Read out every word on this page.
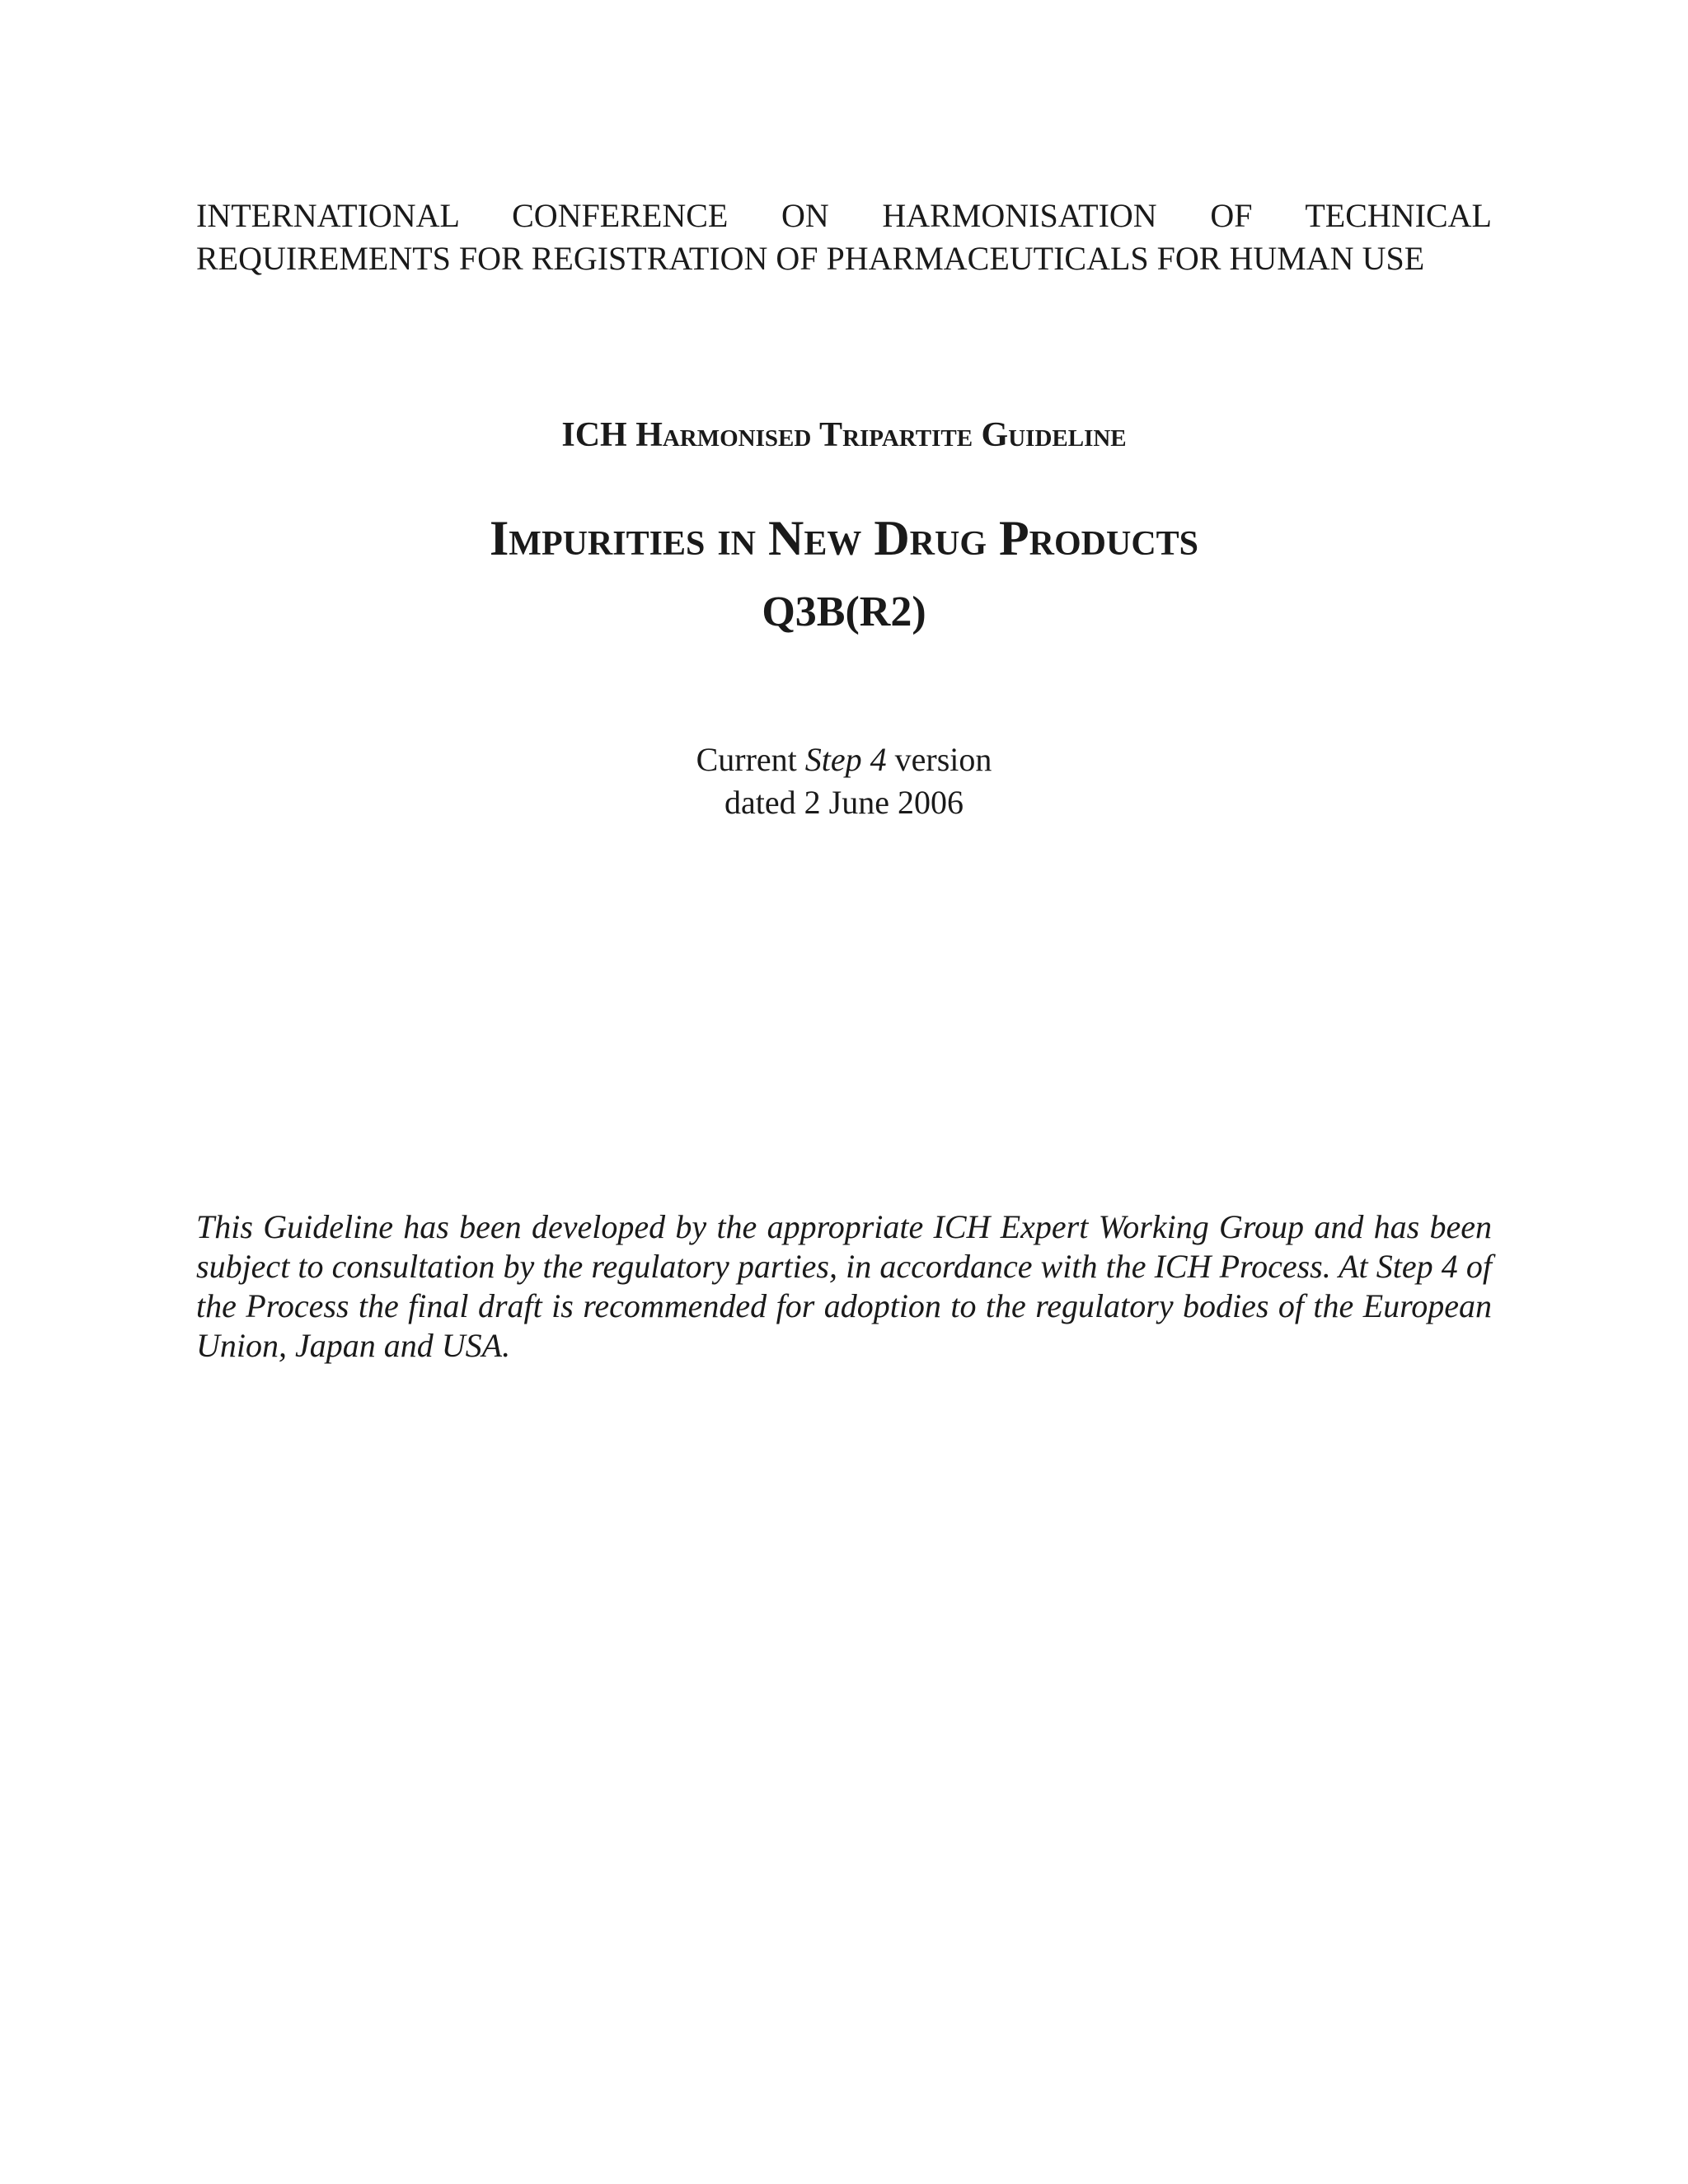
INTERNATIONAL CONFERENCE ON HARMONISATION OF TECHNICAL REQUIREMENTS FOR REGISTRATION OF PHARMACEUTICALS FOR HUMAN USE
ICH Harmonised Tripartite Guideline
Impurities in New Drug Products
Q3B(R2)
Current Step 4 version
dated 2 June 2006
This Guideline has been developed by the appropriate ICH Expert Working Group and has been subject to consultation by the regulatory parties, in accordance with the ICH Process. At Step 4 of the Process the final draft is recommended for adoption to the regulatory bodies of the European Union, Japan and USA.
